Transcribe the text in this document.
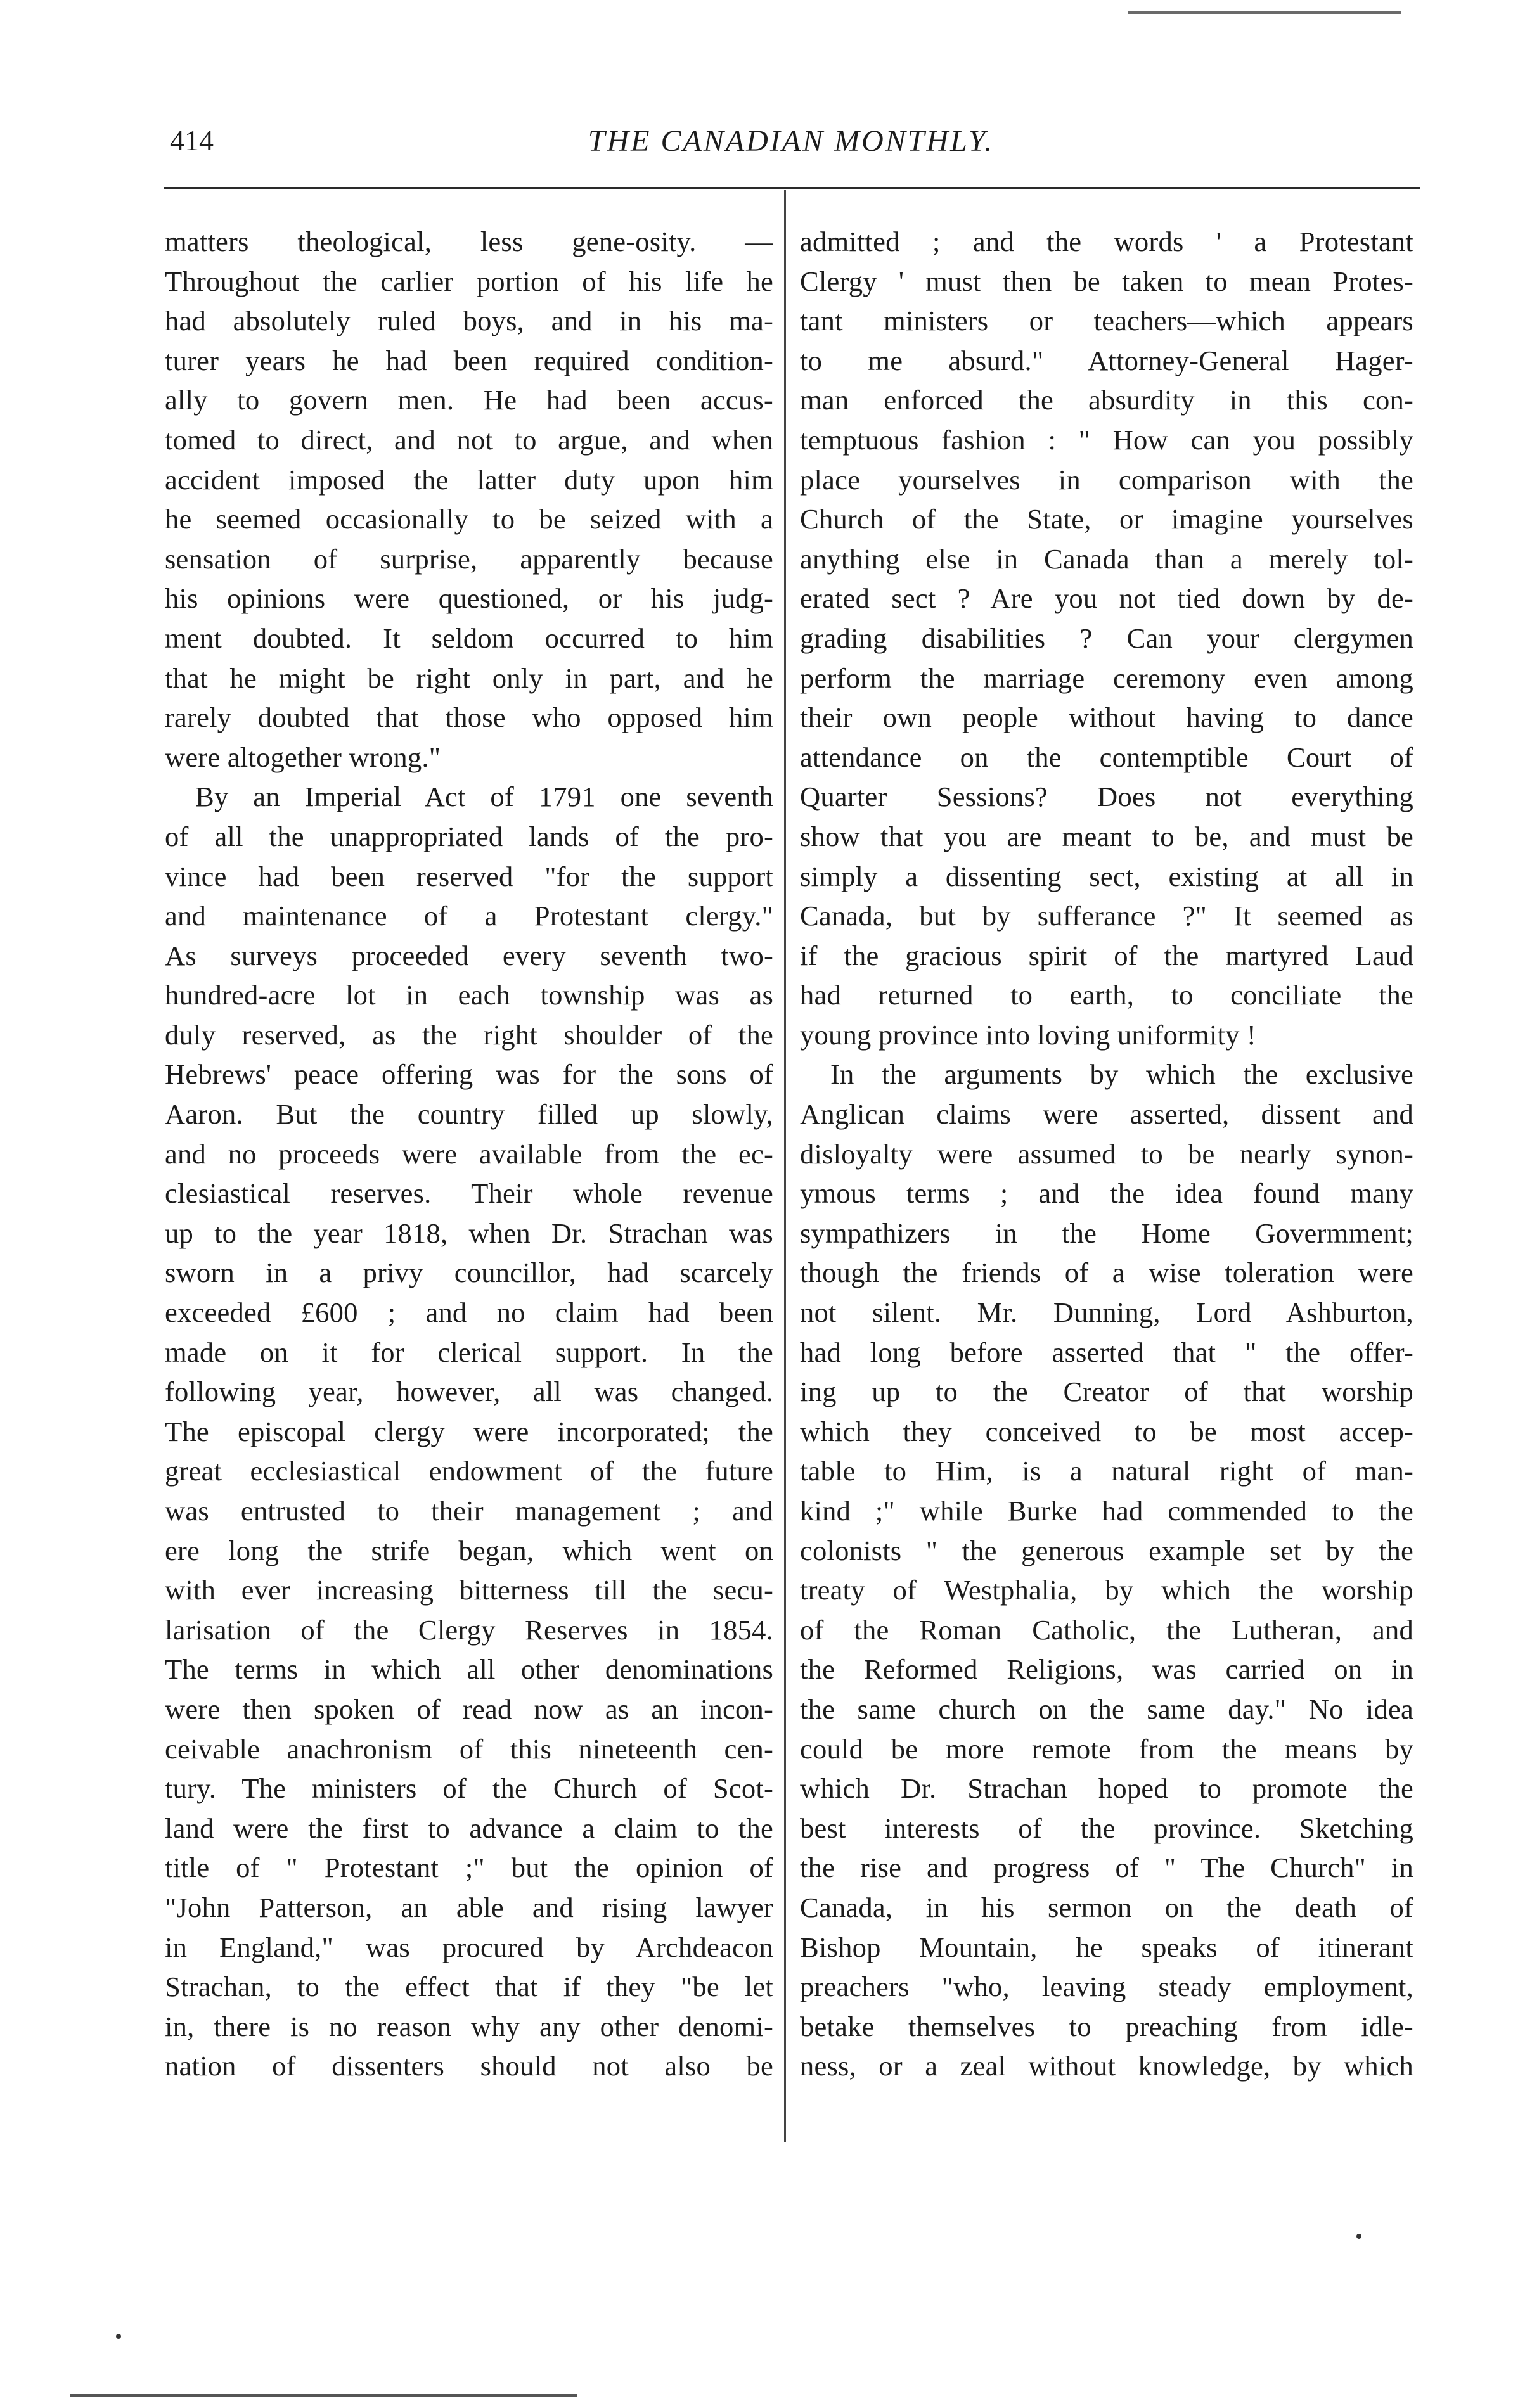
414	THE CANADIAN MONTHLY.
matters theological, less gene-osity. —
Throughout the carlier portion of his life he
had absolutely ruled boys, and in his ma-
turer years he had been required condition-
ally to govern men. He had been accus-
tomed to direct, and not to argue, and when
accident imposed the latter duty upon him
he seemed occasionally to be seized with a
sensation of surprise, apparently because
his opinions were questioned, or his judg-
ment doubted. It seldom occurred to him
that he might be right only in part, and he
rarely doubted that those who opposed him
were altogether wrong."
By an Imperial Act of 1791 one seventh
of all the unappropriated lands of the pro-
vince had been reserved "for the support
and maintenance of a Protestant clergy."
As surveys proceeded every seventh two-
hundred-acre lot in each township was as
duly reserved, as the right shoulder of the
Hebrews' peace offering was for the sons of
Aaron. But the country filled up slowly,
and no proceeds were available from the ec-
clesiastical reserves. Their whole revenue
up to the year 1818, when Dr. Strachan was
sworn in a privy councillor, had scarcely
exceeded £600 ; and no claim had been
made on it for clerical support. In the
following year, however, all was changed.
The episcopal clergy were incorporated; the
great ecclesiastical endowment of the future
was entrusted to their management ; and
ere long the strife began, which went on
with ever increasing bitterness till the secu-
larisation of the Clergy Reserves in 1854.
The terms in which all other denominations
were then spoken of read now as an incon-
ceivable anachronism of this nineteenth cen-
tury. The ministers of the Church of Scot-
land were the first to advance a claim to the
title of " Protestant ;" but the opinion of
"John Patterson, an able and rising lawyer
in England," was procured by Archdeacon
Strachan, to the effect that if they "be let
in, there is no reason why any other denomi-
nation of dissenters should not also be
admitted ; and the words ' a Protestant
Clergy ' must then be taken to mean Protes-
tant ministers or teachers—which appears
to me absurd." Attorney-General Hager-
man enforced the absurdity in this con-
temptuous fashion : " How can you possibly
place yourselves in comparison with the
Church of the State, or imagine yourselves
anything else in Canada than a merely tol-
erated sect ? Are you not tied down by de-
grading disabilities ? Can your clergymen
perform the marriage ceremony even among
their own people without having to dance
attendance on the contemptible Court of
Quarter Sessions? Does not everything
show that you are meant to be, and must be
simply a dissenting sect, existing at all in
Canada, but by sufferance ?" It seemed as
if the gracious spirit of the martyred Laud
had returned to earth, to conciliate the
young province into loving uniformity !
In the arguments by which the exclusive
Anglican claims were asserted, dissent and
disloyalty were assumed to be nearly synon-
ymous terms ; and the idea found many
sympathizers in the Home Govermment;
though the friends of a wise toleration were
not silent. Mr. Dunning, Lord Ashburton,
had long before asserted that " the offer-
ing up to the Creator of that worship
which they conceived to be most accep-
table to Him, is a natural right of man-
kind ;" while Burke had commended to the
colonists " the generous example set by the
treaty of Westphalia, by which the worship
of the Roman Catholic, the Lutheran, and
the Reformed Religions, was carried on in
the same church on the same day." No idea
could be more remote from the means by
which Dr. Strachan hoped to promote the
best interests of the province. Sketching
the rise and progress of " The Church" in
Canada, in his sermon on the death of
Bishop Mountain, he speaks of itinerant
preachers "who, leaving steady employment,
betake themselves to preaching from idle-
ness, or a zeal without knowledge, by which
